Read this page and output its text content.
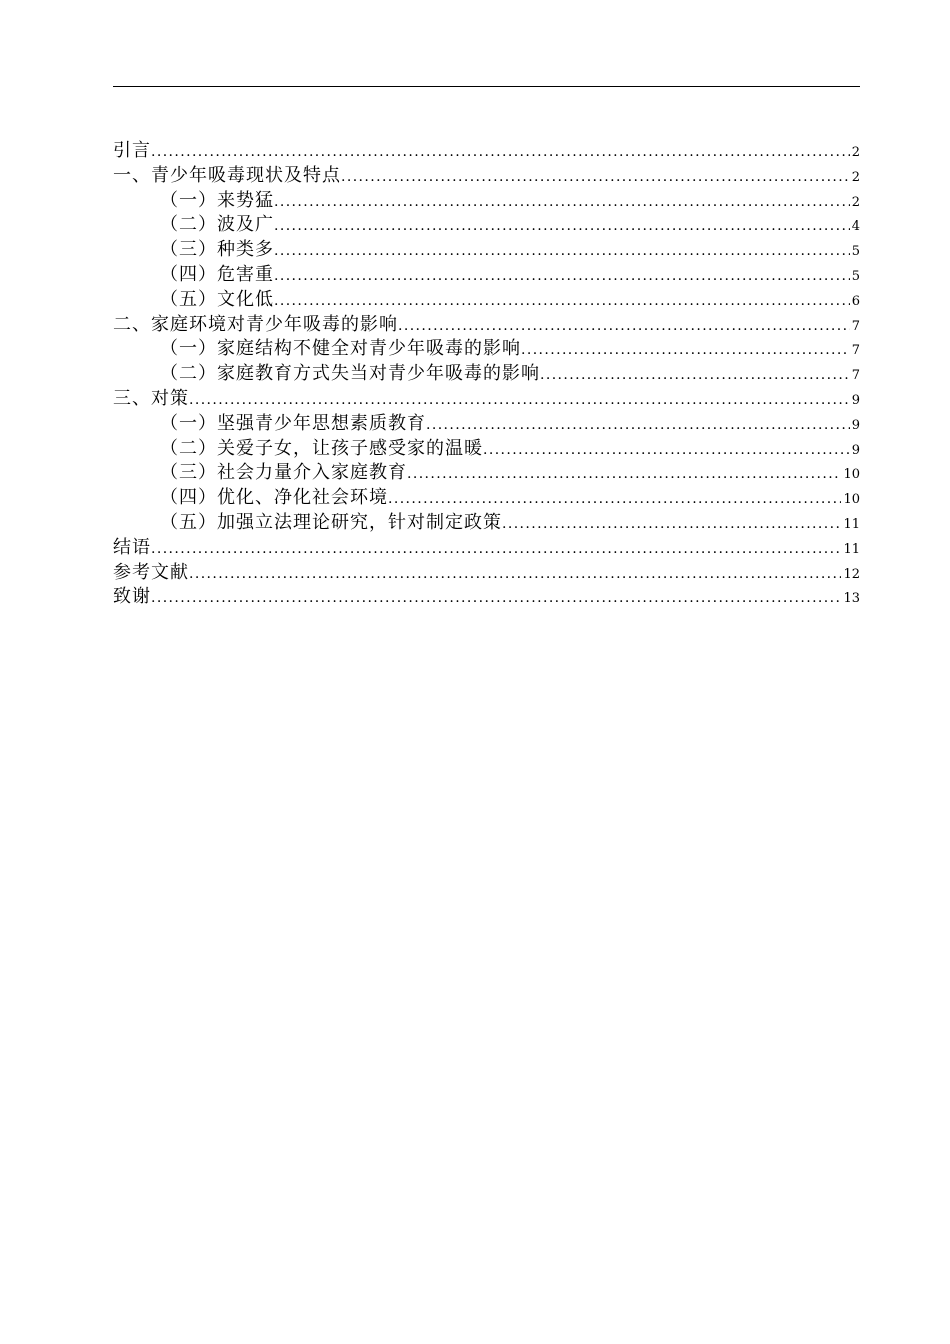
引言 .....	2
一、青少年吸毒现状及特点 .....	2
（一）来势猛 .....	2
（二）波及广 .....	4
（三）种类多 .....	5
（四）危害重 .....	5
（五）文化低 .....	6
二、家庭环境对青少年吸毒的影响 .....	7
（一）家庭结构不健全对青少年吸毒的影响 .....	7
（二）家庭教育方式失当对青少年吸毒的影响 .....	7
三、对策 .....	9
（一）坚强青少年思想素质教育 .....	9
（二）关爱子女，让孩子感受家的温暖 .....	9
（三）社会力量介入家庭教育 .....	10
（四）优化、净化社会环境 .....	10
（五）加强立法理论研究，针对制定政策 .....	11
结语 .....	11
参考文献 .....	12
致谢 .....	13
